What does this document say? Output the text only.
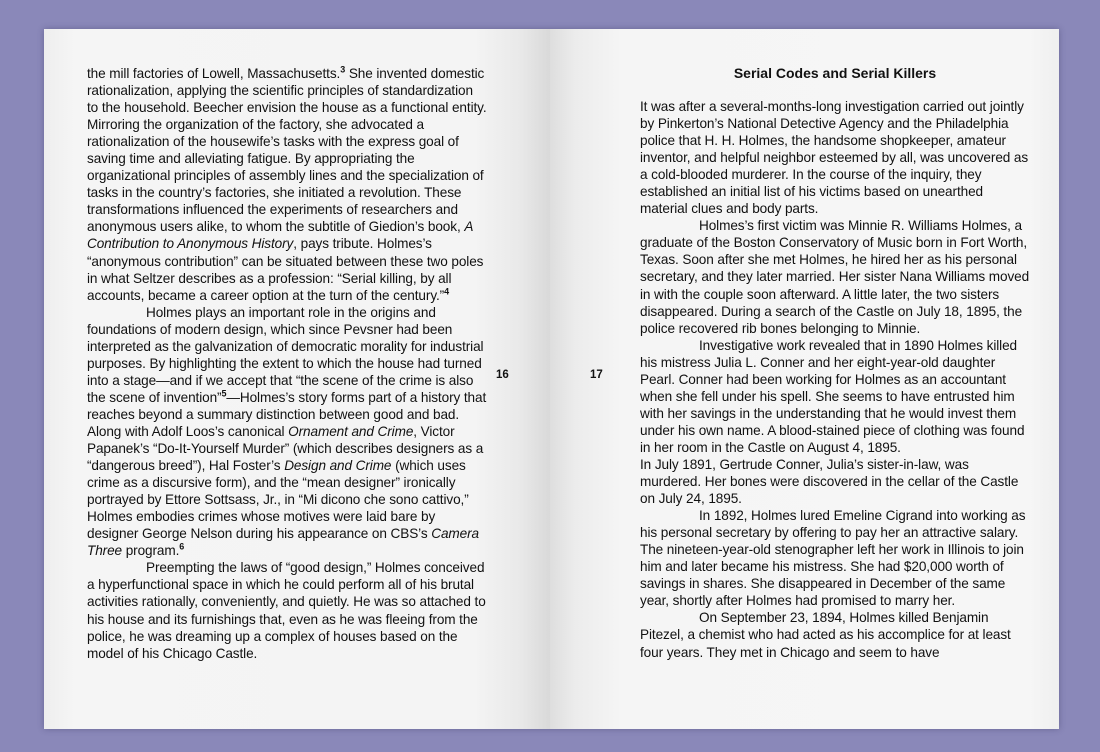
the mill factories of Lowell, Massachusetts.$^3$ She invented domestic rationalization, applying the scientific principles of standardization to the household. Beecher envision the house as a functional entity. Mirroring the organization of the factory, she advocated a rationalization of the housewife’s tasks with the express goal of saving time and alleviating fatigue. By appropriating the organizational principles of assembly lines and the specialization of tasks in the country’s factories, she initiated a revolution. These transformations influenced the experiments of researchers and anonymous users alike, to whom the subtitle of Giedion’s book, A Contribution to Anonymous History, pays tribute. Holmes’s “anonymous contribution” can be situated between these two poles in what Seltzer describes as a profession: “Serial killing, by all accounts, became a career option at the turn of the century.”$^4$

Holmes plays an important role in the origins and foundations of modern design, which since Pevsner had been interpreted as the galvanization of democratic morality for industrial purposes. By highlighting the extent to which the house had turned into a stage—and if we accept that “the scene of the crime is also the scene of invention”$^5$—Holmes’s story forms part of a history that reaches beyond a summary distinction between good and bad. Along with Adolf Loos’s canonical Ornament and Crime, Victor Papanek’s “Do-It-Yourself Murder” (which describes designers as a “dangerous breed”), Hal Foster’s Design and Crime (which uses crime as a discursive form), and the “mean designer” ironically portrayed by Ettore Sottsass, Jr., in “Mi dicono che sono cattivo,” Holmes embodies crimes whose motives were laid bare by designer George Nelson during his appearance on CBS’s Camera Three program.$^6$

Preempting the laws of “good design,” Holmes conceived a hyperfunctional space in which he could perform all of his brutal activities rationally, conveniently, and quietly. He was so attached to his house and its furnishings that, even as he was fleeing from the police, he was dreaming up a complex of houses based on the model of his Chicago Castle.

16
Serial Codes and Serial Killers

It was after a several-months-long investigation carried out jointly by Pinkerton’s National Detective Agency and the Philadelphia police that H. H. Holmes, the handsome shopkeeper, amateur inventor, and helpful neighbor esteemed by all, was uncovered as a cold-blooded murderer. In the course of the inquiry, they established an initial list of his victims based on unearthed material clues and body parts.

Holmes’s first victim was Minnie R. Williams Holmes, a graduate of the Boston Conservatory of Music born in Fort Worth, Texas. Soon after she met Holmes, he hired her as his personal secretary, and they later married. Her sister Nana Williams moved in with the couple soon afterward. A little later, the two sisters disappeared. During a search of the Castle on July 18, 1895, the police recovered rib bones belonging to Minnie.

Investigative work revealed that in 1890 Holmes killed his mistress Julia L. Conner and her eight-year-old daughter Pearl. Conner had been working for Holmes as an accountant when she fell under his spell. She seems to have entrusted him with her savings in the understanding that he would invest them under his own name. A blood-stained piece of clothing was found in her room in the Castle on August 4, 1895.

In July 1891, Gertrude Conner, Julia’s sister-in-law, was murdered. Her bones were discovered in the cellar of the Castle on July 24, 1895.

In 1892, Holmes lured Emeline Cigrand into working as his personal secretary by offering to pay her an attractive salary. The nineteen-year-old stenographer left her work in Illinois to join him and later became his mistress. She had $20,000 worth of savings in shares. She disappeared in December of the same year, shortly after Holmes had promised to marry her.

On September 23, 1894, Holmes killed Benjamin Pitezel, a chemist who had acted as his accomplice for at least four years. They met in Chicago and seem to have

17
